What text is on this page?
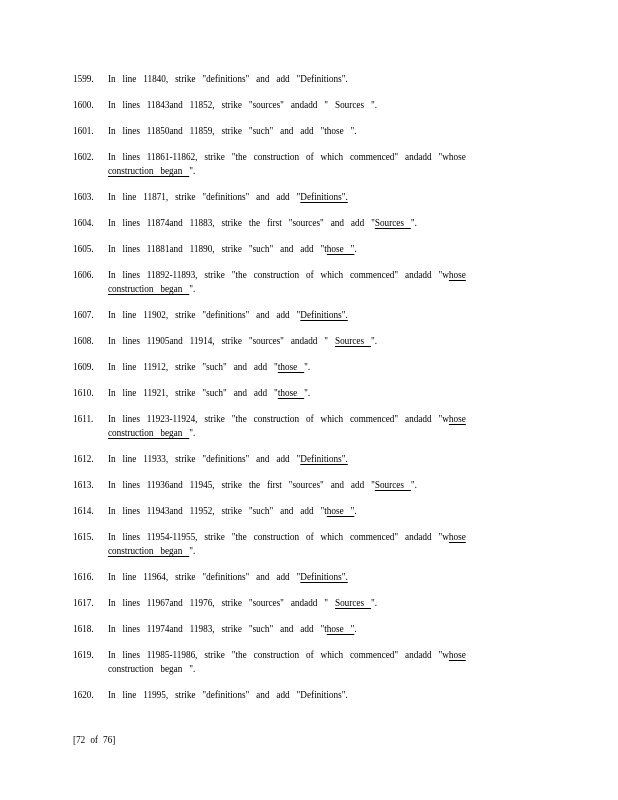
1599.	In line 11840, strike "definitions" and add "Definitions".
1600.	In lines 11843and 11852, strike "sources" andadd " Sources ".
1601.	In lines 11850and 11859, strike "such" and add "those ".
1602.	In lines 11861-11862, strike "the construction of which commenced" andadd "whose
construction began ".
1603.	In line 11871, strike "definitions" and add "Definitions".
1604.	In lines 11874and 11883, strike the first "sources" and add "Sources ".
1605.	In lines 11881and 11890, strike "such" and add "those ".
1606.	In lines 11892-11893, strike "the construction of which commenced" andadd "whose
construction began ".
1607.	In line 11902, strike "definitions" and add "Definitions".
1608.	In lines 11905and 11914, strike "sources" andadd " Sources ".
1609.	In line 11912, strike "such" and add "those ".
1610.	In line 11921, strike "such" and add "those ".
1611.	In lines 11923-11924, strike "the construction of which commenced" andadd "whose
construction began ".
1612.	In line 11933, strike "definitions" and add "Definitions".
1613.	In lines 11936and 11945, strike the first "sources" and add "Sources ".
1614.	In lines 11943and 11952, strike "such" and add "those ".
1615.	In lines 11954-11955, strike "the construction of which commenced" andadd "whose
construction began ".
1616.	In line 11964, strike "definitions" and add "Definitions".
1617.	In lines 11967and 11976, strike "sources" andadd " Sources ".
1618.	In lines 11974and 11983, strike "such" and add "those ".
1619.	In lines 11985-11986, strike "the construction of which commenced" andadd "whose
construction began ".
1620.	In line 11995, strike "definitions" and add "Definitions".
[72 of 76]
